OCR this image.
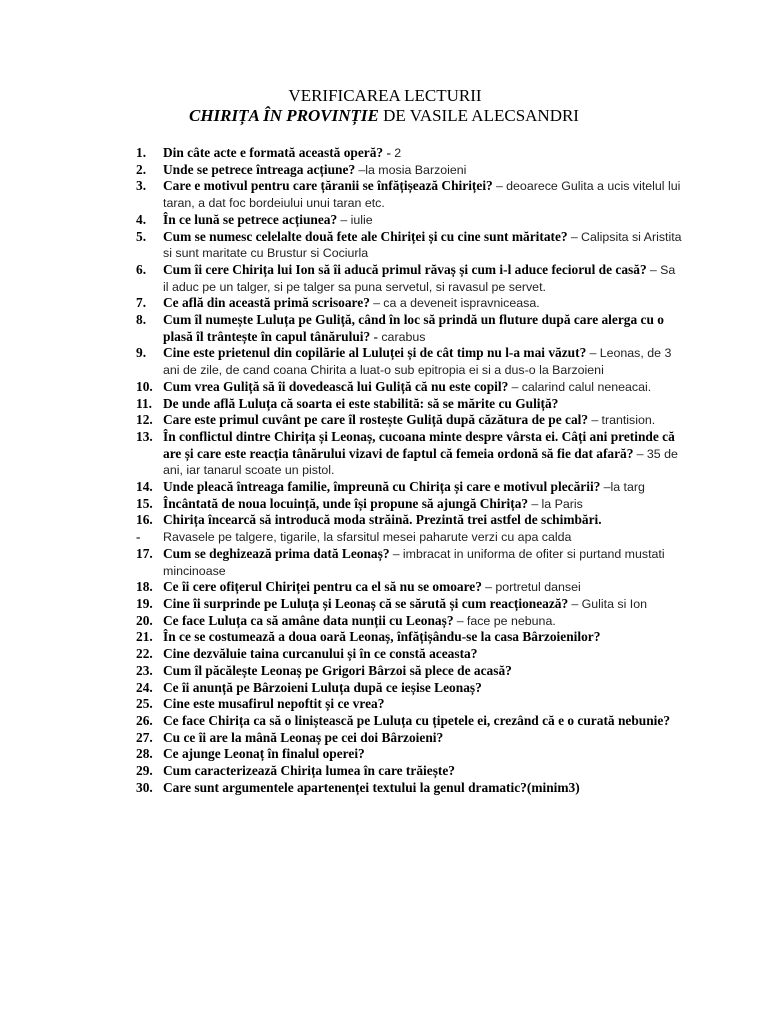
VERIFICAREA LECTURII
CHIRIȚA ÎN PROVINȚIE DE VASILE ALECSANDRI
1. Din câte acte e formată această operă? - 2
2. Unde se petrece întreaga acțiune? –la mosia Barzoieni
3. Care e motivul pentru care țăranii se înfățișează Chiriței? – deoarece Gulita a ucis vitelul lui taran, a dat foc bordeiului unui taran etc.
4. În ce lună se petrece acțiunea? – iulie
5. Cum se numesc celelalte două fete ale Chiriței și cu cine sunt măritate? – Calipsita si Aristita si sunt maritate cu Brustur si Cociurla
6. Cum îi cere Chirița lui Ion să îi aducă primul răvaș și cum i-l aduce feciorul de casă? – Sa il aduc pe un talger, si pe talger sa puna servetul, si ravasul pe servet.
7. Ce află din această primă scrisoare? – ca a deveneit ispravniceasa.
8. Cum îl numește Luluța pe Guliță, când în loc să prindă un fluture după care alerga cu o plasă îl trântește în capul tânărului? - carabus
9. Cine este prietenul din copilărie al Luluței și de cât timp nu l-a mai văzut? – Leonas, de 3 ani de zile, de cand coana Chirita a luat-o sub epitropia ei si a dus-o la Barzoieni
10. Cum vrea Guliță să îi dovedească lui Guliță că nu este copil? – calarind calul neneacai.
11. De unde află Luluța că soarta ei este stabilită: să se mărite cu Guliță?
12. Care este primul cuvânt pe care îl rostește Guliță după căzătura de pe cal? – trantision.
13. În conflictul dintre Chirița și Leonaș, cucoana minte despre vârsta ei. Câți ani pretinde că are și care este reacția tânărului vizavi de faptul că femeia ordonă să fie dat afară? – 35 de ani, iar tanarul scoate un pistol.
14. Unde pleacă întreaga familie, împreună cu Chirița și care e motivul plecării? –la targ
15. Încântată de noua locuință, unde își propune să ajungă Chirița? – la Paris
16. Chirița încearcă să introducă moda străină. Prezintă trei astfel de schimbări.
- Ravasele pe talgere, tigarile, la sfarsitul mesei paharute verzi cu apa calda
17. Cum se deghizează prima dată Leonaș? – imbracat in uniforma de ofiter si purtand mustati mincinoase
18. Ce îi cere ofițerul Chiriței pentru ca el să nu se omoare? – portretul dansei
19. Cine îi surprinde pe Luluța și Leonaș că se sărută și cum reacționează? – Gulita si Ion
20. Ce face Luluța ca să amâne data nunții cu Leonaș? – face pe nebuna.
21. În ce se costumează a doua oară Leonaș, înfățișându-se la casa Bârzoienilor?
22. Cine dezvăluie taina curcanului și în ce constă aceasta?
23. Cum îl păcălește Leonaș pe Grigori Bârzoi să plece de acasă?
24. Ce îi anunță pe Bârzoieni Luluța după ce ieșise Leonaș?
25. Cine este musafirul nepoftit și ce vrea?
26. Ce face Chirița ca să o liniștească pe Luluța cu țipetele ei, crezând că e o curată nebunie?
27. Cu ce îi are la mână Leonaș pe cei doi Bârzoieni?
28. Ce ajunge Leonaț în finalul operei?
29. Cum caracterizează Chirița lumea în care trăiește?
30. Care sunt argumentele apartenenței textului la genul dramatic?(minim3)
